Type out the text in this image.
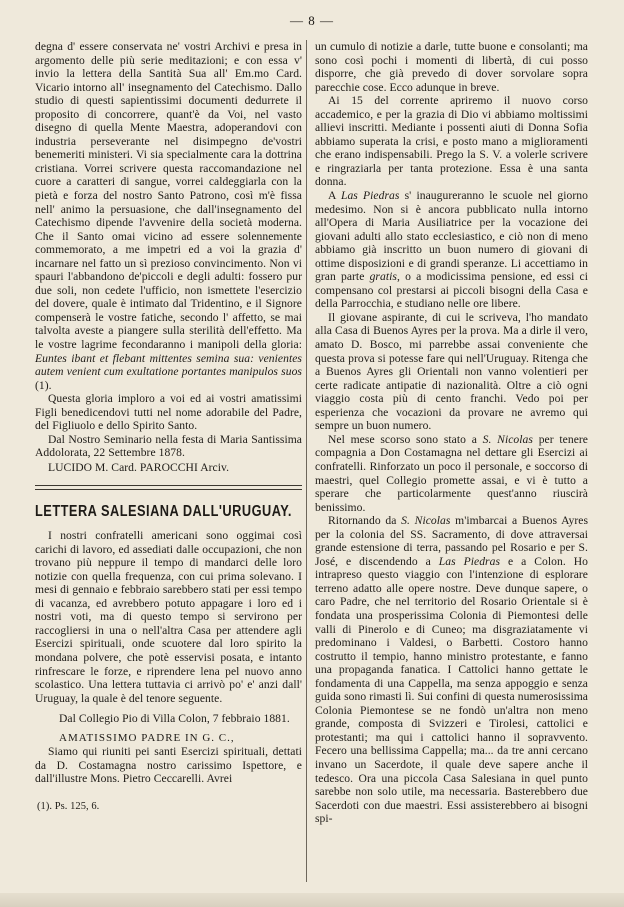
— 8 —

degna d' essere conservata ne' vostri Archivi e presa in argomento delle più serie meditazioni; e con essa v' invio la lettera della Santità Sua all' Em.mo Card. Vicario intorno all' insegnamento del Catechismo. Dallo studio di questi sapientissimi documenti dedurrete il proposito di concorrere, quant'è da Voi, nel vasto disegno di quella Mente Maestra, adoperandovi con industria perseverante nel disimpegno de'vostri benemeriti ministeri. Vi sia specialmente cara la dottrina cristiana. Vorrei scrivere questa raccomandazione nel cuore a caratteri di sangue, vorrei caldeggiarla con la pietà e forza del nostro Santo Patrono, così m'è fissa nell' animo la persuasione, che dall'insegnamento del Catechismo dipende l'avvenire della società moderna. Che il Santo omai vicino ad essere solennemente commemorato, a me impetri ed a voi la grazia d' incarnare nel fatto un sì prezioso convincimento. Non vi spauri l'abbandono de'piccoli e degli adulti: fossero pur due soli, non cedete l'ufficio, non ismettete l'esercizio del dovere, quale è intimato dal Tridentino, e il Signore compenserà le vostre fatiche, secondo l' affetto, se mai talvolta aveste a piangere sulla sterilità dell'effetto. Ma le vostre lagrime fecondaranno i manipoli della gloria: Euntes ibant et flebant mittentes semina sua: venientes autem venient cum exultatione portantes manipulos suos (1).

Questa gloria imploro a voi ed ai vostri amatissimi Figli benedicendovi tutti nel nome adorabile del Padre, del Figliuolo e dello Spirito Santo.

Dal Nostro Seminario nella festa di Maria Santissima Addolorata, 22 Settembre 1878.

LUCIDO M. Card. PAROCCHI Arciv.

LETTERA SALESIANA DALL'URUGUAY.

I nostri confratelli americani sono oggimai così carichi di lavoro, ed assediati dalle occupazioni, che non trovano più neppure il tempo di mandarci delle loro notizie con quella frequenza, con cui prima solevano. I mesi di gennaio e febbraio sarebbero stati per essi tempo di vacanza, ed avrebbero potuto appagare i loro ed i nostri voti, ma di questo tempo si servirono per raccogliersi in una o nell'altra Casa per attendere agli Esercizi spirituali, onde scuotere dal loro spirito la mondana polvere, che potè esservisi posata, e intanto rinfrescare le forze, e riprendere lena pel nuovo anno scolastico. Una lettera tuttavia ci arrivò po' e' anzi dall' Uruguay, la quale è del tenore seguente.

Dal Collegio Pio di Villa Colon, 7 febbraio 1881.

AMATISSIMO PADRE IN G. C.,

Siamo qui riuniti pei santi Esercizi spirituali, dettati da D. Costamagna nostro carissimo Ispettore, e dall'illustre Mons. Pietro Ceccarelli. Avrei

(1). Ps. 125, 6.

un cumulo di notizie a darle, tutte buone e consolanti; ma sono così pochi i momenti di libertà, di cui posso disporre, che già prevedo di dover sorvolare sopra parecchie cose. Ecco adunque in breve.

Ai 15 del corrente apriremo il nuovo corso accademico, e per la grazia di Dio vi abbiamo moltissimi allievi inscritti. Mediante i possenti aiuti di Donna Sofia abbiamo superata la crisi, e posto mano a miglioramenti che erano indispensabili. Prego la S. V. a volerle scrivere e ringraziarla per tanta protezione. Essa è una santa donna.

A Las Piedras s' inaugureranno le scuole nel giorno medesimo. Non si è ancora pubblicato nulla intorno all'Opera di Maria Ausiliatrice per la vocazione dei giovani adulti allo stato ecclesiastico, e ciò non di meno abbiamo già inscritto un buon numero di giovani di ottime disposizioni e di grandi speranze. Li accettiamo in gran parte gratis, o a modicissima pensione, ed essi ci compensano col prestarsi ai piccoli bisogni della Casa e della Parrocchia, e studiano nelle ore libere.

Il giovane aspirante, di cui le scriveva, l'ho mandato alla Casa di Buenos Ayres per la prova. Ma a dirle il vero, amato D. Bosco, mi parrebbe assai conveniente che questa prova si potesse fare qui nell'Uruguay. Ritenga che a Buenos Ayres gli Orientali non vanno volentieri per certe radicate antipatie di nazionalità. Oltre a ciò ogni viaggio costa più di cento franchi. Vedo poi per esperienza che vocazioni da provare ne avremo qui sempre un buon numero.

Nel mese scorso sono stato a S. Nicolas per tenere compagnia a Don Costamagna nel dettare gli Esercizi ai confratelli. Rinforzato un poco il personale, e soccorso di maestri, quel Collegio promette assai, e vi è tutto a sperare che particolarmente quest'anno riuscirà benissimo.

Ritornando da S. Nicolas m'imbarcai a Buenos Ayres per la colonia del SS. Sacramento, di dove attraversai grande estensione di terra, passando pel Rosario e per S. José, e discendendo a Las Piedras e a Colon. Ho intrapreso questo viaggio con l'intenzione di esplorare terreno adatto alle opere nostre. Deve dunque sapere, o caro Padre, che nel territorio del Rosario Orientale si è fondata una prosperissima Colonia di Piemontesi delle valli di Pinerolo e di Cuneo; ma disgraziatamente vi predominano i Valdesi, o Barbetti. Costoro hanno costrutto il tempio, hanno ministro protestante, e fanno una propaganda fanatica. I Cattolici hanno gettate le fondamenta di una Cappella, ma senza appoggio e senza guida sono rimasti lì. Sui confini di questa numerosissima Colonia Piemontese se ne fondò un'altra non meno grande, composta di Svizzeri e Tirolesi, cattolici e protestanti; ma qui i cattolici hanno il sopravvento. Fecero una bellissima Cappella; ma... da tre anni cercano invano un Sacerdote, il quale deve sapere anche il tedesco. Ora una piccola Casa Salesiana in quel punto sarebbe non solo utile, ma necessaria. Basterebbero due Sacerdoti con due maestri. Essi assisterebbero ai bisogni spi-
